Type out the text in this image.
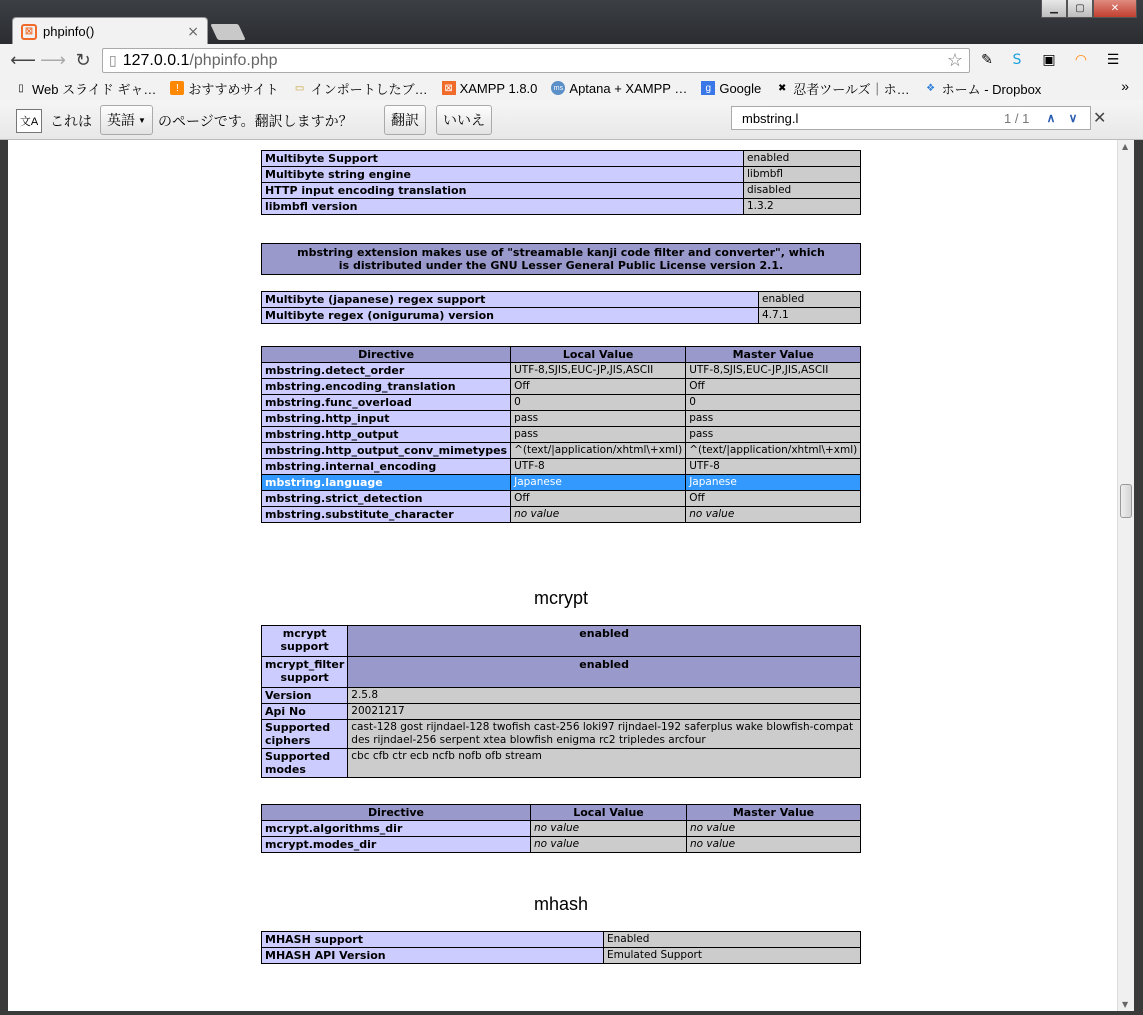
▁	▢	✕
⊠ phpinfo()	×
⟵ ⟶ ↻ ▯ 127.0.0.1 /phpinfo.php	☆ ✎	S	▣ ◠ ☰
▯ Web スライド ギャ…	! おすすめサイト ▭ インポートしたブ… ⊠ XAMPP 1.8.0	ms Aptana + XAMPP …	g Google ✖ 忍者ツールズ｜ホ… ❖ ホーム - Dropbox	»
文A これは 英語 ▼ のページです。翻訳しますか？	翻訳	いいえ	mbstring.l	1 / 1	∧	∨ ✕
▲
▼
Multibyte Support	enabled
Multibyte string engine	libmbfl
HTTP input encoding translation	disabled
libmbfl version	1.3.2
mbstring extension makes use of "streamable kanji code filter and converter", which is distributed under the GNU Lesser General Public License version 2.1.
Multibyte (japanese) regex support	enabled
Multibyte regex (oniguruma) version	4.7.1
Directive	Local Value	Master Value
mbstring.detect_order	UTF-8,SJIS,EUC-JP,JIS,ASCII	UTF-8,SJIS,EUC-JP,JIS,ASCII
mbstring.encoding_translation	Off	Off
mbstring.func_overload	0	0
mbstring.http_input	pass	pass
mbstring.http_output	pass	pass
mbstring.http_output_conv_mimetypes	^(text/|application/xhtml\+xml)	^(text/|application/xhtml\+xml)
mbstring.internal_encoding	UTF-8	UTF-8
mbstring.language	Japanese	Japanese
mbstring.strict_detection	Off	Off
mbstring.substitute_character	no value	no value
mcrypt
mcrypt support	enabled
mcrypt_filter support	enabled
Version	2.5.8
Api No	20021217
Supported ciphers	cast-128 gost rijndael-128 twofish cast-256 loki97 rijndael-192 saferplus wake blowfish-compat des rijndael-256 serpent xtea blowfish enigma rc2 tripledes arcfour
Supported modes	cbc cfb ctr ecb ncfb nofb ofb stream
Directive	Local Value	Master Value
mcrypt.algorithms_dir	no value	no value
mcrypt.modes_dir	no value	no value
mhash
MHASH support	Enabled
MHASH API Version	Emulated Support
